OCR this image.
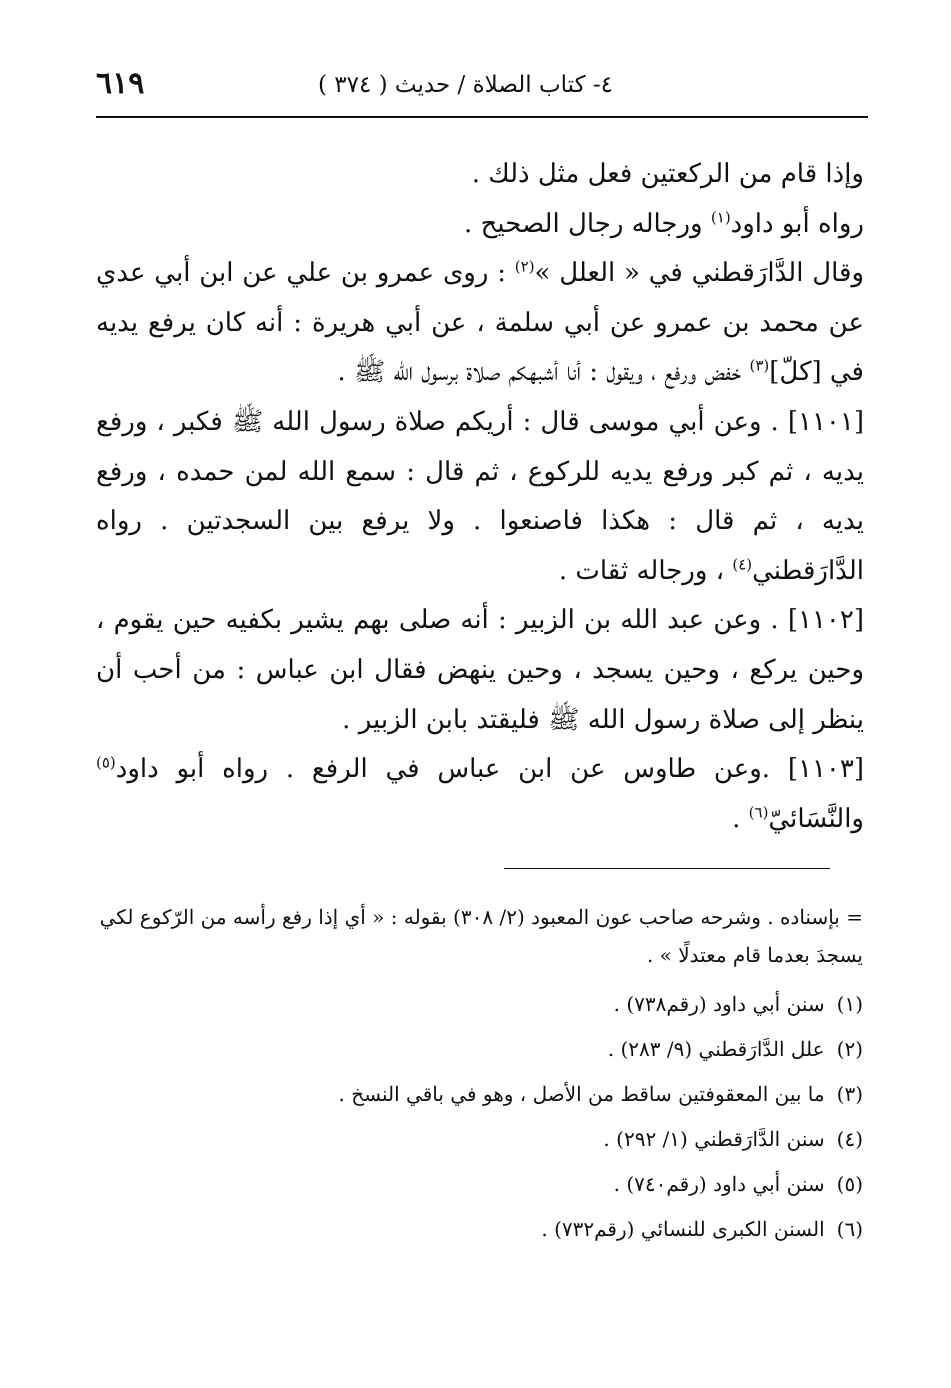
٤- كتاب الصلاة / حديث ( ٣٧٤ )
٦١٩

وإذا قام من الركعتين فعل مثل ذلك .

رواه أبو داود$^{(١)}$ ورجاله رجال الصحيح .

وقال الدَّارَقطني في « العلل »$^{(٢)}$ : روى عمرو بن علي عن ابن أبي عدي عن محمد بن عمرو عن أبي سلمة ، عن أبي هريرة : أنه كان يرفع يديه في [كلّ]$^{(٣)}$ خفض ورفع ، ويقول : أنا أشبهكم صلاة برسول الله ﷺ .

[١١٠١] . وعن أبي موسى قال : أريكم صلاة رسول الله ﷺ فكبر ، ورفع يديه ، ثم كبر ورفع يديه للركوع ، ثم قال : سمع الله لمن حمده ، ورفع يديه ، ثم قال : هكذا فاصنعوا . ولا يرفع بين السجدتين . رواه الدَّارَقطني$^{(٤)}$ ، ورجاله ثقات .

[١١٠٢] . وعن عبد الله بن الزبير : أنه صلى بهم يشير بكفيه حين يقوم ، وحين يركع ، وحين يسجد ، وحين ينهض فقال ابن عباس : من أحب أن ينظر إلى صلاة رسول الله ﷺ فليقتد بابن الزبير .

[١١٠٣] .وعن طاوس عن ابن عباس في الرفع . رواه أبو داود$^{(٥)}$ والنَّسَائيّ$^{(٦)}$ .

= بإسناده . وشرحه صاحب عون المعبود (٢/ ٣٠٨) بقوله : « أي إذا رفع رأسه من الرّكوع لكي يسجدَ بعدما قام معتدلًا » .

(١)
سنن أبي داود (رقم٧٣٨) .
(٢)
علل الدَّارَقطني (٩/ ٢٨٣) .
(٣)
ما بين المعقوفتين ساقط من الأصل ، وهو في باقي النسخ .
(٤)
سنن الدَّارَقطني (١/ ٢٩٢) .
(٥)
سنن أبي داود (رقم٧٤٠) .
(٦)
السنن الكبرى للنسائي (رقم٧٣٢) .
